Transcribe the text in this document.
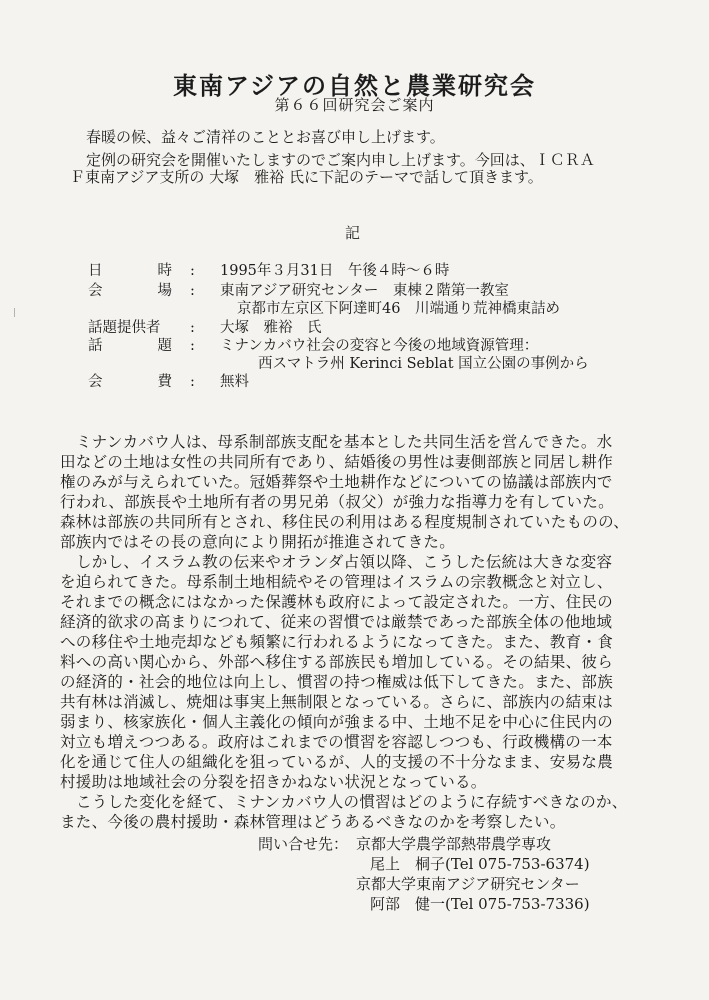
東南アジアの自然と農業研究会
第６６回研究会ご案内
春暖の候、益々ご清祥のこととお喜び申し上げます。
定例の研究会を開催いたしますのでご案内申し上げます。今回は、ＩＣＲＡ
Ｆ東南アジア支所の 大塚　雅裕 氏に下記のテーマで話して頂きます。
記
日	時 : 1995年３月31日　午後４時～６時
会	場 : 東南アジア研究センター　東棟２階第一教室
京都市左京区下阿達町46　川端通り荒神橋東詰め
話題提供者 : 大塚　雅裕　氏
話	題 : ミナンカバウ社会の変容と今後の地域資源管理：
西スマトラ州 Kerinci Seblat 国立公園の事例から
会	費 : 無料
ミナンカバウ人は、母系制部族支配を基本とした共同生活を営んできた。水
田などの土地は女性の共同所有であり、結婚後の男性は妻側部族と同居し耕作
権のみが与えられていた。冠婚葬祭や土地耕作などについての協議は部族内で
行われ、部族長や土地所有者の男兄弟（叔父）が強力な指導力を有していた。
森林は部族の共同所有とされ、移住民の利用はある程度規制されていたものの、
部族内ではその長の意向により開拓が推進されてきた。
しかし、イスラム教の伝来やオランダ占領以降、こうした伝統は大きな変容
を迫られてきた。母系制土地相続やその管理はイスラムの宗教概念と対立し、
それまでの概念にはなかった保護林も政府によって設定された。一方、住民の
経済的欲求の高まりにつれて、従来の習慣では厳禁であった部族全体の他地域
への移住や土地売却なども頻繁に行われるようになってきた。また、教育・食
料への高い関心から、外部へ移住する部族民も増加している。その結果、彼ら
の経済的・社会的地位は向上し、慣習の持つ権威は低下してきた。また、部族
共有林は消滅し、焼畑は事実上無制限となっている。さらに、部族内の結束は
弱まり、核家族化・個人主義化の傾向が強まる中、土地不足を中心に住民内の
対立も増えつつある。政府はこれまでの慣習を容認しつつも、行政機構の一本
化を通じて住人の組織化を狙っているが、人的支援の不十分なまま、安易な農
村援助は地域社会の分裂を招きかねない状況となっている。
こうした変化を経て、ミナンカバウ人の慣習はどのように存続すべきなのか、
また、今後の農村援助・森林管理はどうあるべきなのかを考察したい。
問い合せ先： 京都大学農学部熱帯農学専攻
尾上　桐子(Tel 075-753-6374)
京都大学東南アジア研究センター
阿部　健一(Tel 075-753-7336)
